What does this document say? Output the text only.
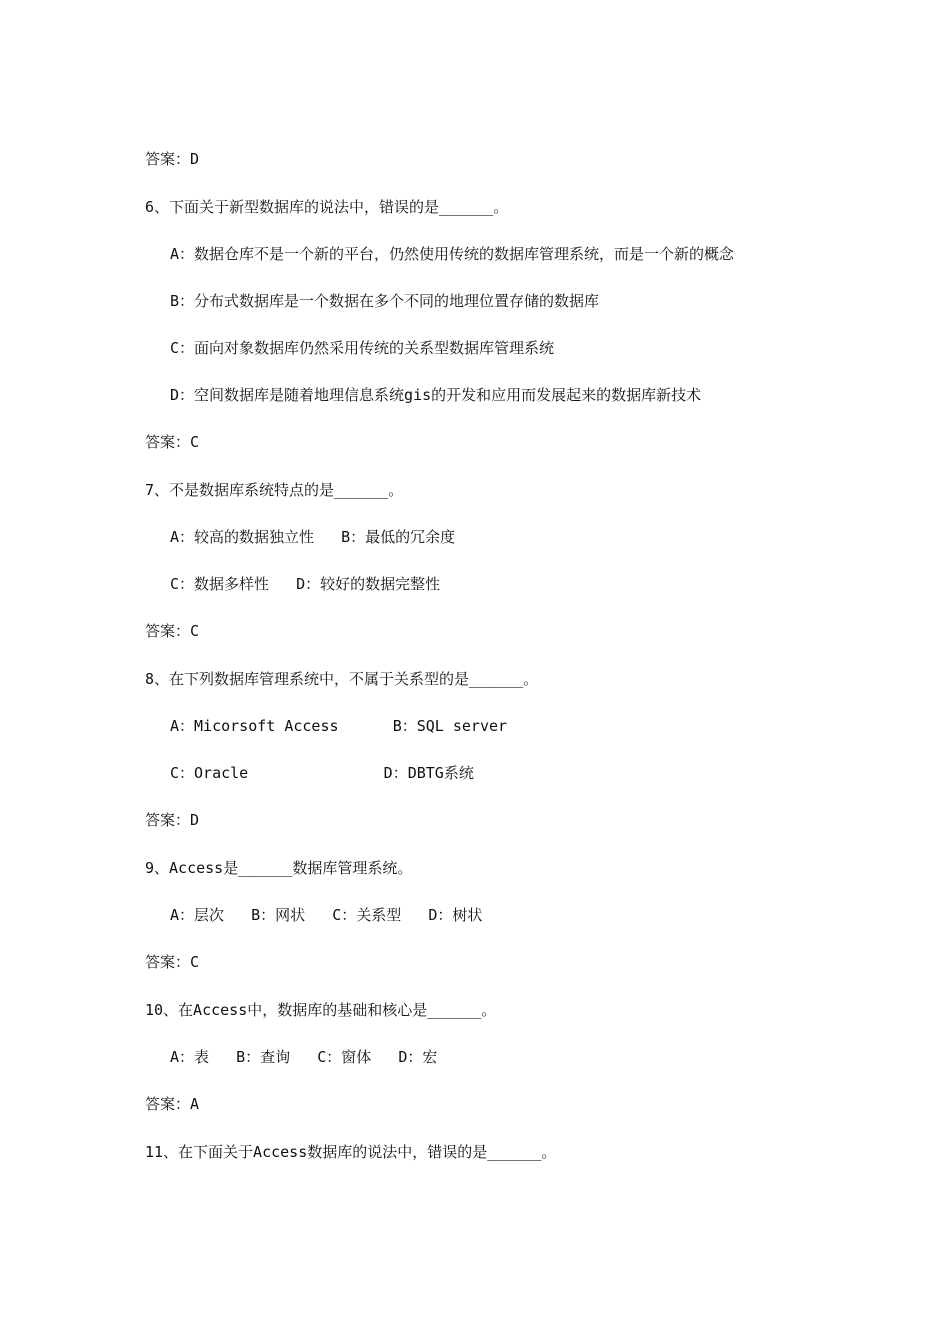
答案：D
6、下面关于新型数据库的说法中，错误的是______。
A：数据仓库不是一个新的平台，仍然使用传统的数据库管理系统，而是一个新的概念
B：分布式数据库是一个数据在多个不同的地理位置存储的数据库
C：面向对象数据库仍然采用传统的关系型数据库管理系统
D：空间数据库是随着地理信息系统gis的开发和应用而发展起来的数据库新技术
答案：C
7、不是数据库系统特点的是______。
A：较高的数据独立性   B：最低的冗余度
C：数据多样性   D：较好的数据完整性
答案：C
8、在下列数据库管理系统中，不属于关系型的是______。
A：Micorsoft Access      B：SQL server
C：Oracle               D：DBTG系统
答案：D
9、Access是______数据库管理系统。
A：层次   B：网状   C：关系型   D：树状
答案：C
10、在Access中，数据库的基础和核心是______。
A：表   B：查询   C：窗体   D：宏
答案：A
11、在下面关于Access数据库的说法中，错误的是______。
